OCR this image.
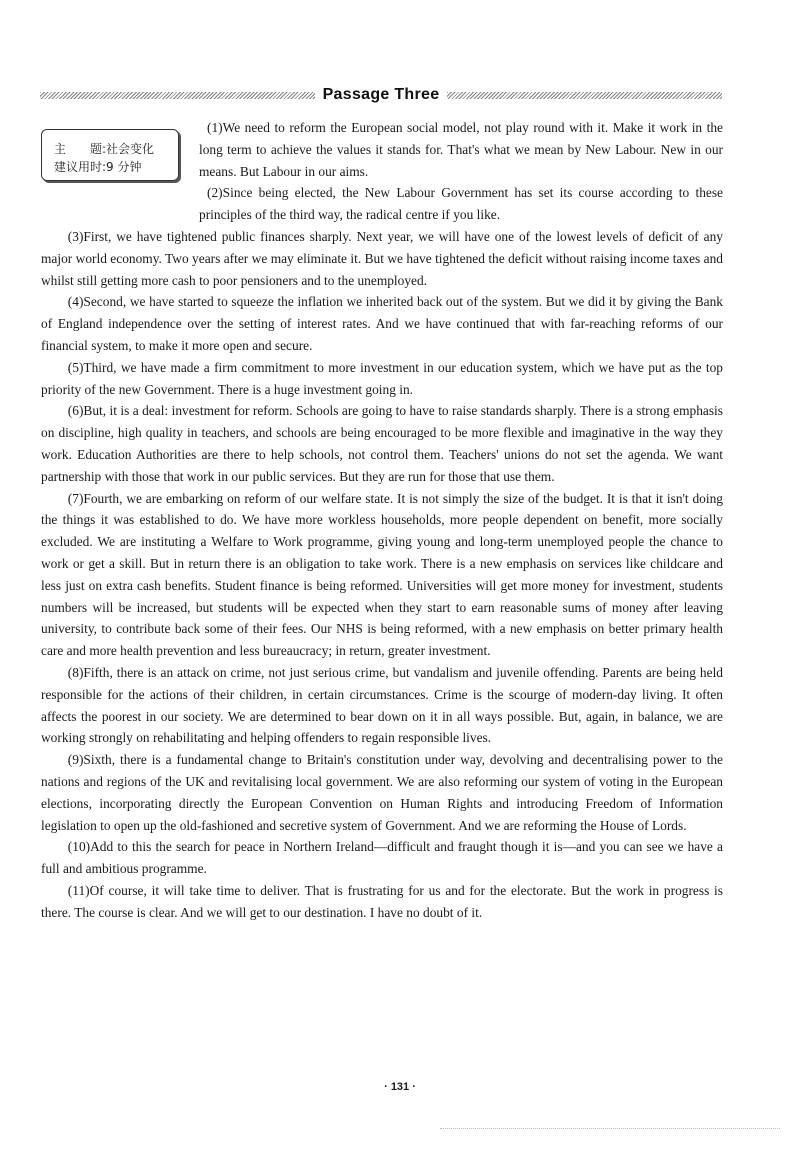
Passage Three
主　　题:社会变化
建议用时:9 分钟

(1)We need to reform the European social model, not play round with it. Make it work in the long term to achieve the values it stands for. That's what we mean by New Labour. New in our means. But Labour in our aims.

(2)Since being elected, the New Labour Government has set its course according to these principles of the third way, the radical centre if you like.

(3)First, we have tightened public finances sharply. Next year, we will have one of the lowest levels of deficit of any major world economy. Two years after we may eliminate it. But we have tightened the deficit without raising income taxes and whilst still getting more cash to poor pensioners and to the unemployed.

(4)Second, we have started to squeeze the inflation we inherited back out of the system. But we did it by giving the Bank of England independence over the setting of interest rates. And we have continued that with far-reaching reforms of our financial system, to make it more open and secure.

(5)Third, we have made a firm commitment to more investment in our education system, which we have put as the top priority of the new Government. There is a huge investment going in.

(6)But, it is a deal: investment for reform. Schools are going to have to raise standards sharply. There is a strong emphasis on discipline, high quality in teachers, and schools are being encouraged to be more flexible and imaginative in the way they work. Education Authorities are there to help schools, not control them. Teachers' unions do not set the agenda. We want partnership with those that work in our public services. But they are run for those that use them.

(7)Fourth, we are embarking on reform of our welfare state. It is not simply the size of the budget. It is that it isn't doing the things it was established to do. We have more workless households, more people dependent on benefit, more socially excluded. We are instituting a Welfare to Work programme, giving young and long-term unemployed people the chance to work or get a skill. But in return there is an obligation to take work. There is a new emphasis on services like childcare and less just on extra cash benefits. Student finance is being reformed. Universities will get more money for investment, students numbers will be increased, but students will be expected when they start to earn reasonable sums of money after leaving university, to contribute back some of their fees. Our NHS is being reformed, with a new emphasis on better primary health care and more health prevention and less bureaucracy; in return, greater investment.

(8)Fifth, there is an attack on crime, not just serious crime, but vandalism and juvenile offending. Parents are being held responsible for the actions of their children, in certain circumstances. Crime is the scourge of modern-day living. It often affects the poorest in our society. We are determined to bear down on it in all ways possible. But, again, in balance, we are working strongly on rehabilitating and helping offenders to regain responsible lives.

(9)Sixth, there is a fundamental change to Britain's constitution under way, devolving and decentralising power to the nations and regions of the UK and revitalising local government. We are also reforming our system of voting in the European elections, incorporating directly the European Convention on Human Rights and introducing Freedom of Information legislation to open up the old-fashioned and secretive system of Government. And we are reforming the House of Lords.

(10)Add to this the search for peace in Northern Ireland—difficult and fraught though it is—and you can see we have a full and ambitious programme.

(11)Of course, it will take time to deliver. That is frustrating for us and for the electorate. But the work in progress is there. The course is clear. And we will get to our destination. I have no doubt of it.

· 131 ·
